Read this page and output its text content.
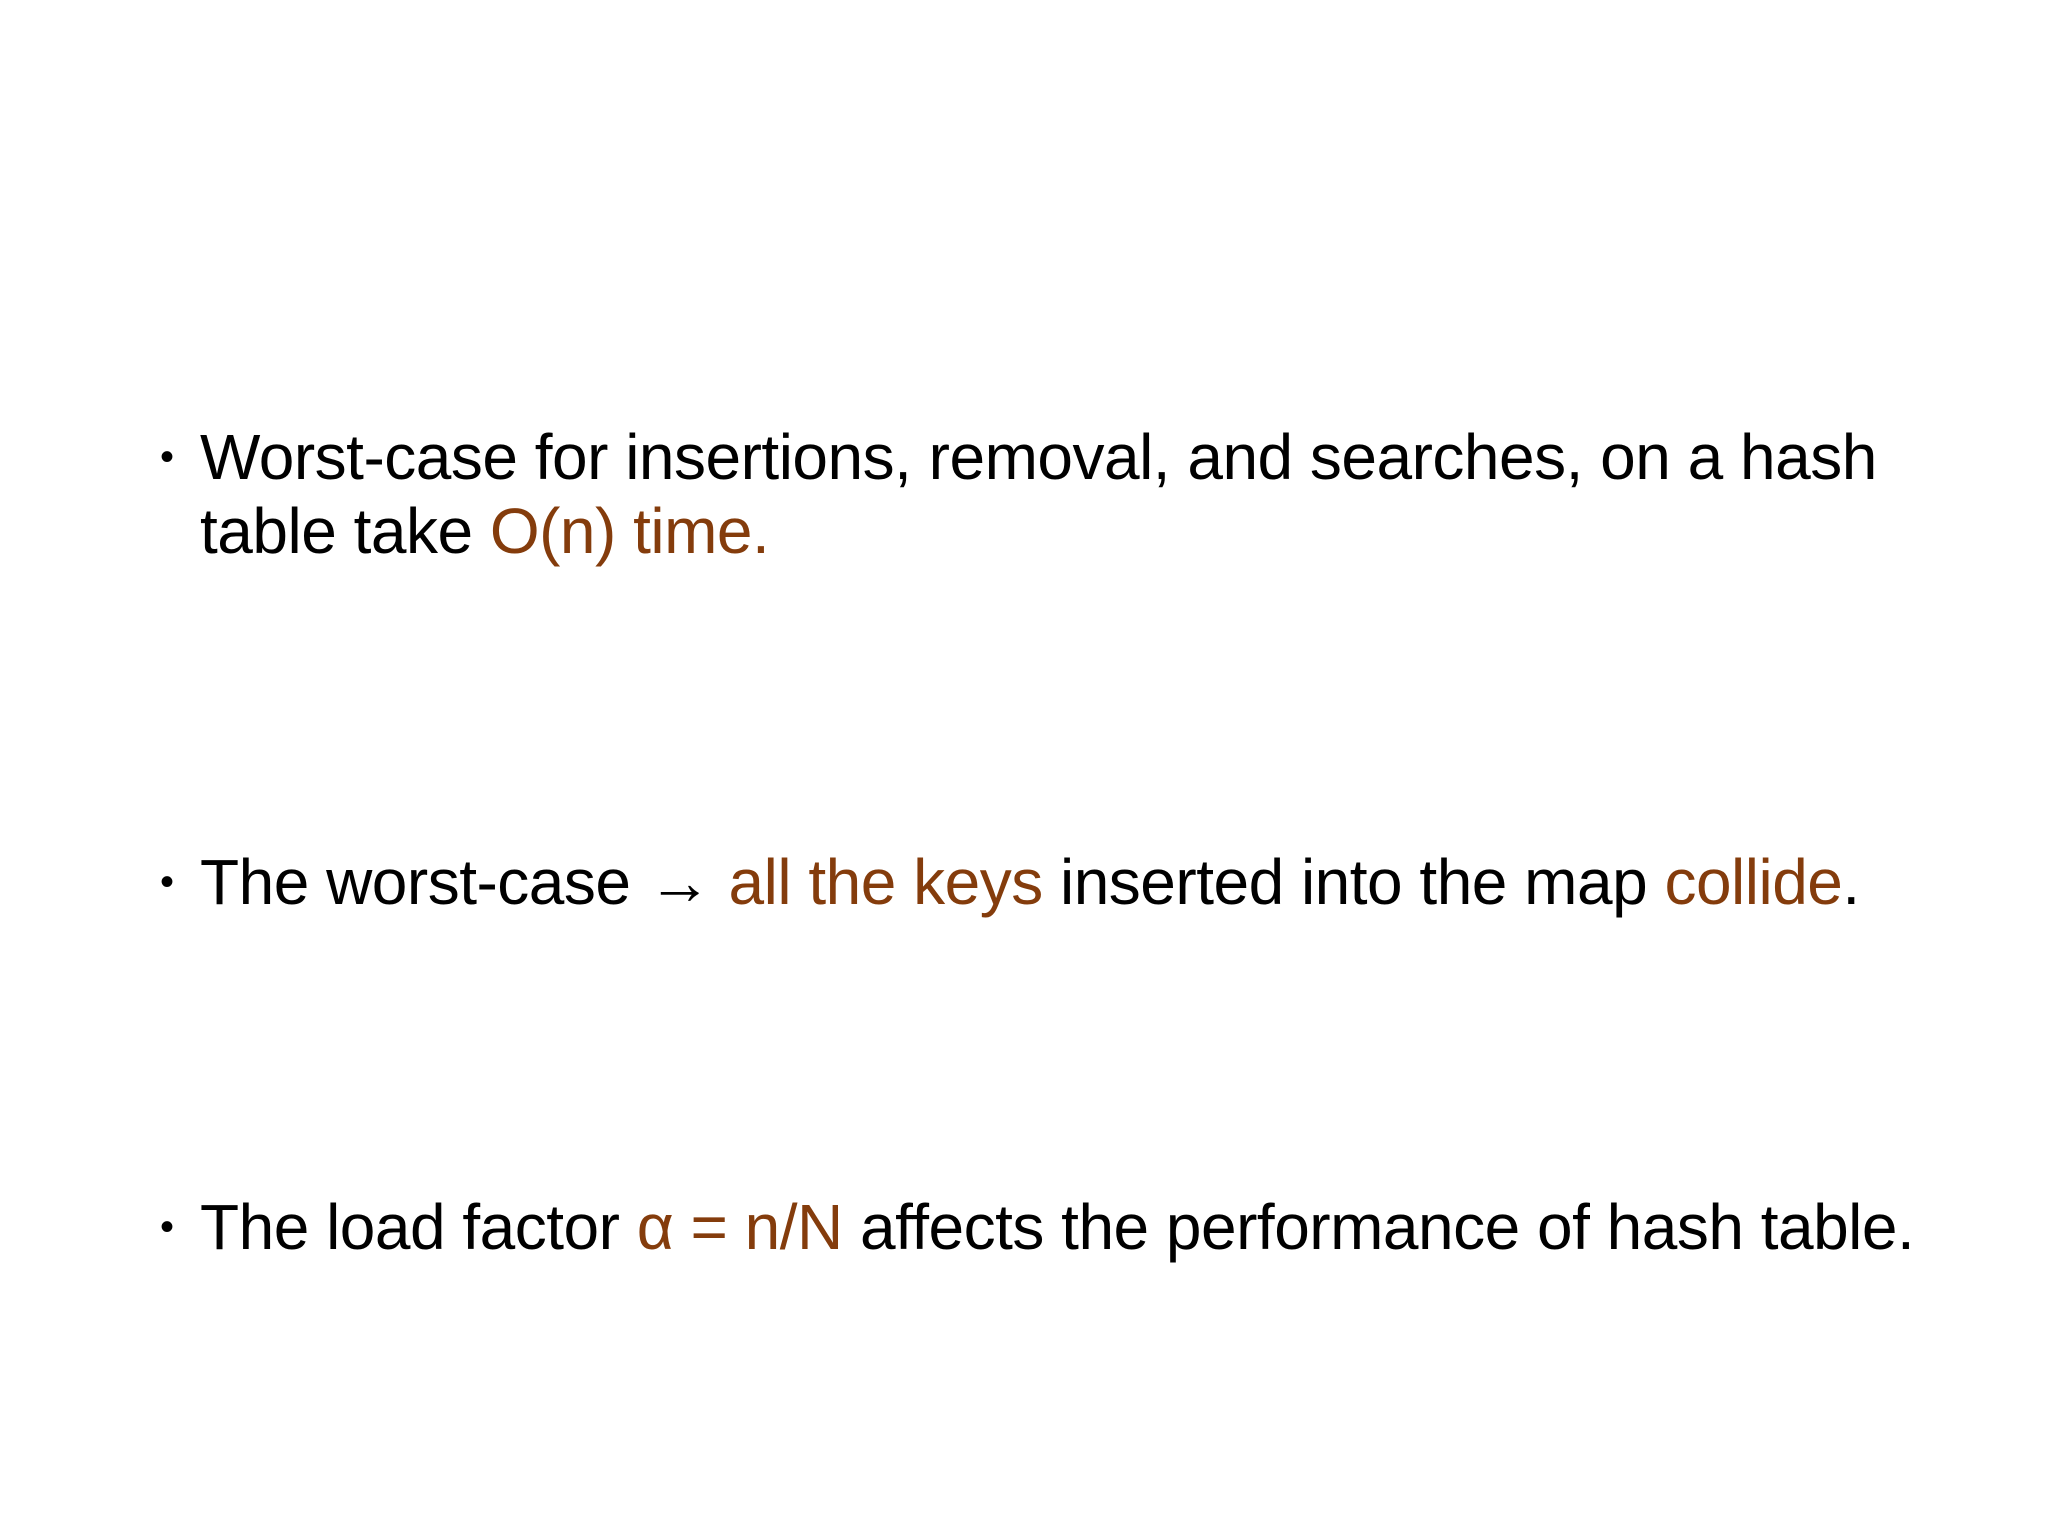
• Worst-case for insertions, removal, and searches, on a hash table take O(n) time.
• The worst-case → all the keys inserted into the map collide.
• The load factor α = n/N affects the performance of hash table.
